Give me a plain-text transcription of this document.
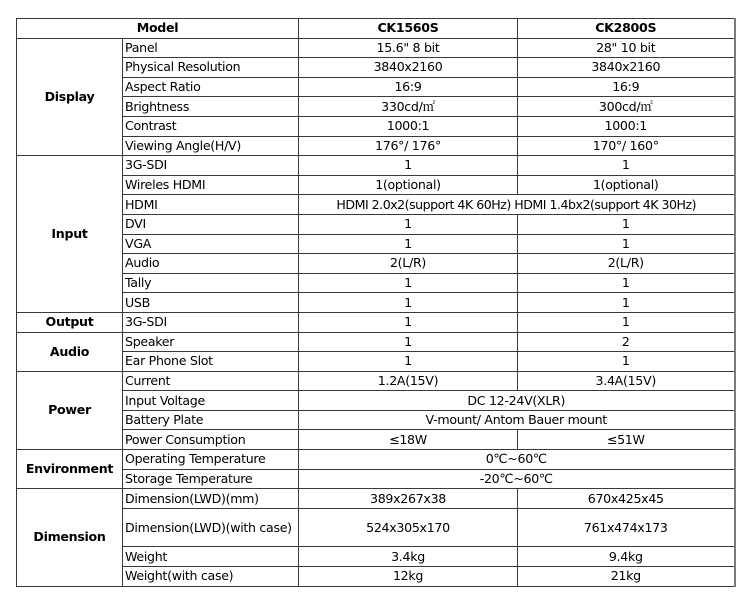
Model		CK1560S	CK2800S
Display	Panel	15.6" 8 bit	28" 10 bit
	Physical Resolution	3840x2160	3840x2160
	Aspect Ratio	16:9	16:9
	Brightness	330cd/㎡	300cd/㎡
	Contrast	1000:1	1000:1
	Viewing Angle(H/V)	176°/ 176°	170°/ 160°
Input	3G-SDI	1	1
	Wireles HDMI	1(optional)	1(optional)
	HDMI	HDMI 2.0x2(support 4K 60Hz) HDMI 1.4bx2(support 4K 30Hz)	
	DVI	1	1
	VGA	1	1
	Audio	2(L/R)	2(L/R)
	Tally	1	1
	USB	1	1
Output	3G-SDI	1	1
Audio	Speaker	1	2
	Ear Phone Slot	1	1
Power	Current	1.2A(15V)	3.4A(15V)
	Input Voltage	DC 12-24V(XLR)	
	Battery Plate	V-mount/ Antom Bauer mount	
	Power Consumption	≤18W	≤51W
Environment	Operating Temperature	0℃~60℃	
	Storage Temperature	-20℃~60℃	
Dimension	Dimension(LWD)(mm)	389x267x38	670x425x45
	Dimension(LWD)(with case)	524x305x170	761x474x173
	Weight	3.4kg	9.4kg
	Weight(with case)	12kg	21kg
